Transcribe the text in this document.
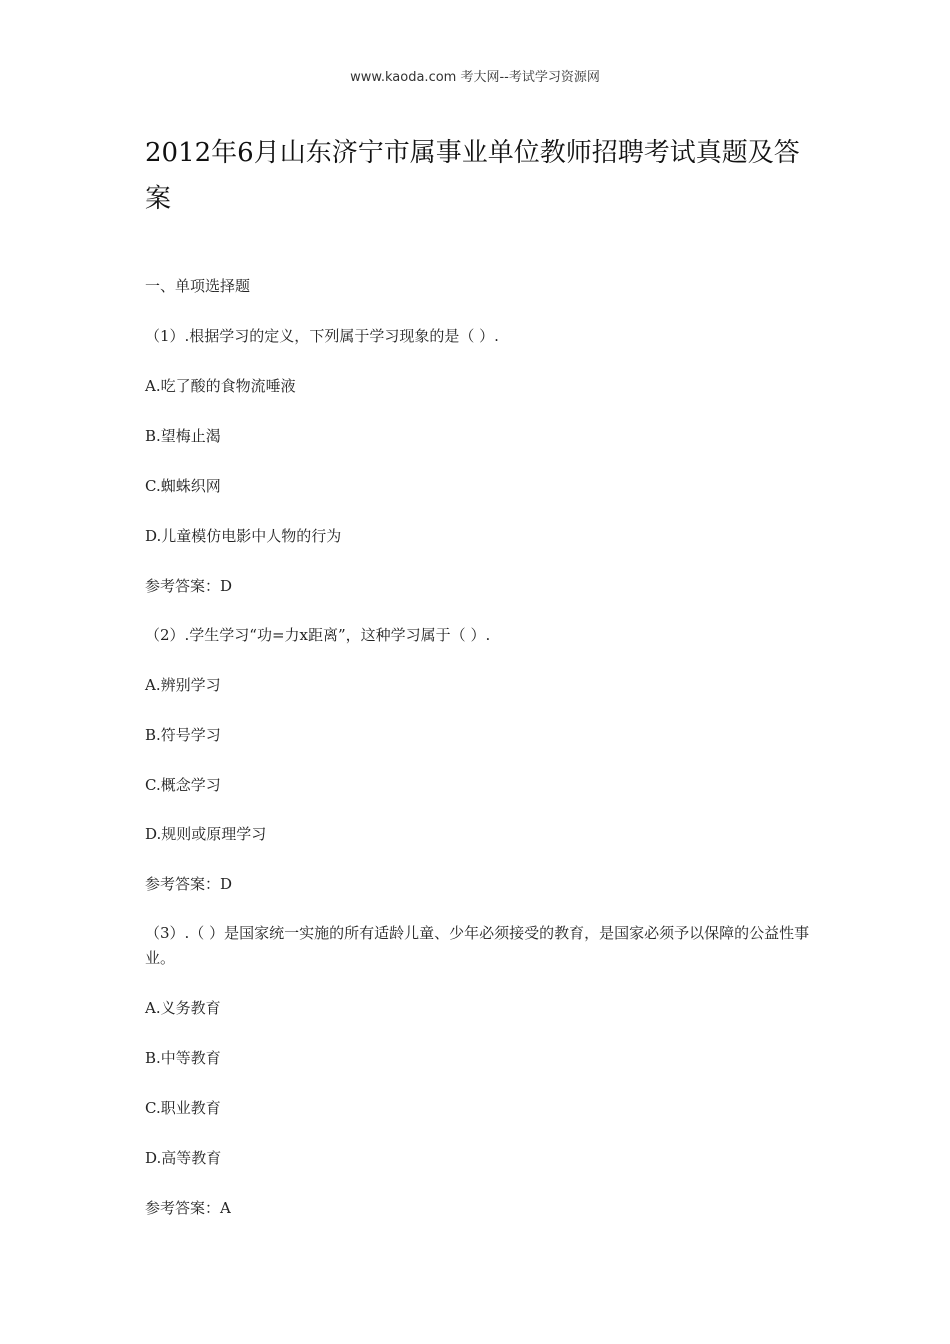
www.kaoda.com 考大网--考试学习资源网
2012年6月山东济宁市属事业单位教师招聘考试真题及答案
一、单项选择题
（1）.根据学习的定义，下列属于学习现象的是（ ）.
A.吃了酸的食物流唾液
B.望梅止渴
C.蜘蛛织网
D.儿童模仿电影中人物的行为
参考答案：D
（2）.学生学习“功=力x距离”，这种学习属于（ ）.
A.辨别学习
B.符号学习
C.概念学习
D.规则或原理学习
参考答案：D
（3）.（ ）是国家统一实施的所有适龄儿童、少年必须接受的教育，是国家必须予以保障的公益性事业。
A.义务教育
B.中等教育
C.职业教育
D.高等教育
参考答案：A
